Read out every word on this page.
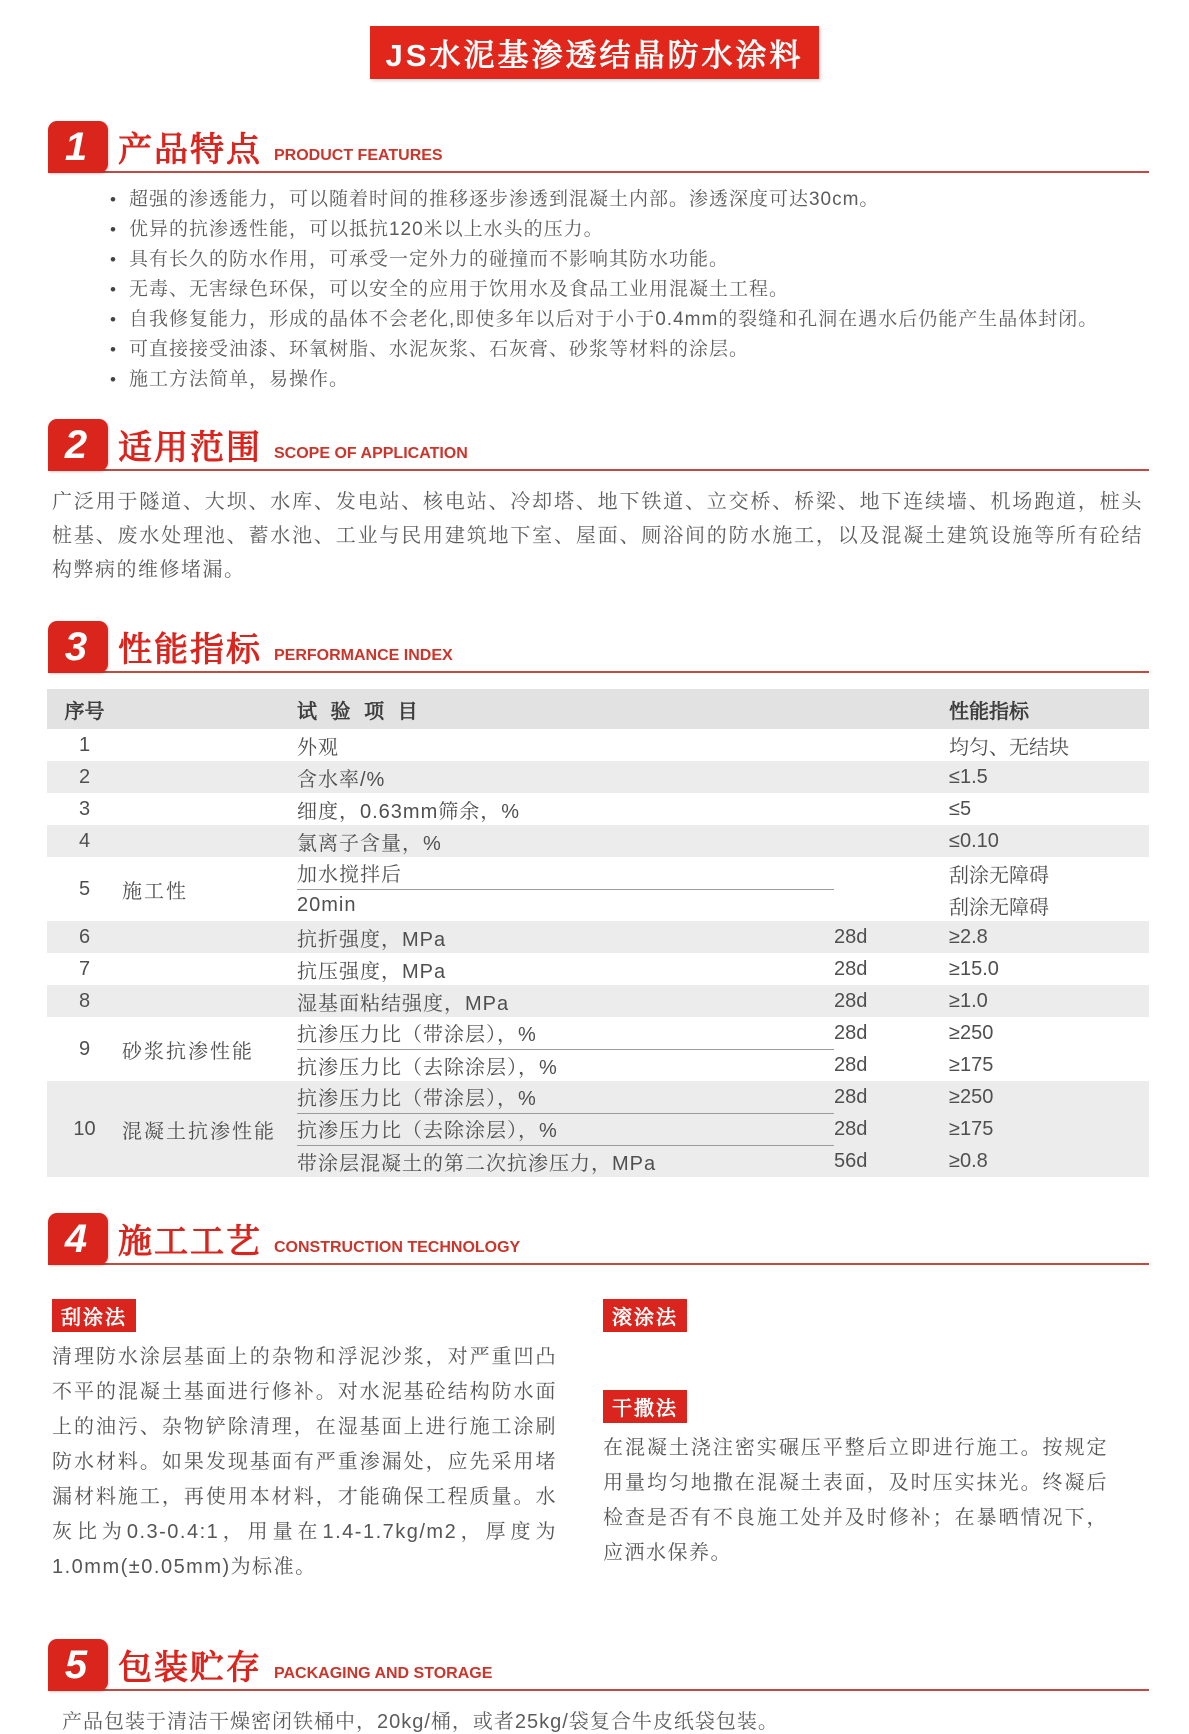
JS水泥基渗透结晶防水涂料
1 产品特点 PRODUCT FEATURES
• 超强的渗透能力，可以随着时间的推移逐步渗透到混凝土内部。渗透深度可达30cm。
• 优异的抗渗透性能，可以抵抗120米以上水头的压力。
• 具有长久的防水作用，可承受一定外力的碰撞而不影响其防水功能。
• 无毒、无害绿色环保，可以安全的应用于饮用水及食品工业用混凝土工程。
• 自我修复能力，形成的晶体不会老化,即使多年以后对于小于0.4mm的裂缝和孔洞在遇水后仍能产生晶体封闭。
• 可直接接受油漆、环氧树脂、水泥灰浆、石灰膏、砂浆等材料的涂层。
• 施工方法简单，易操作。
2 适用范围 SCOPE OF APPLICATION

广泛用于隧道、大坝、水库、发电站、核电站、冷却塔、地下铁道、立交桥、桥梁、地下连续墙、机场跑道，桩头桩基、废水处理池、蓄水池、工业与民用建筑地下室、屋面、厕浴间的防水施工，以及混凝土建筑设施等所有砼结构弊病的维修堵漏。

3 性能指标 PERFORMANCE INDEX
序号	试 验 项 目	性能指标
1	外观	均匀、无结块
2	含水率/%	≤1.5
3	细度，0.63mm筛余，%	≤5
4	氯离子含量，%	≤0.10
5	施工性
加水搅拌后	刮涂无障碍
20min	刮涂无障碍
6	抗折强度，MPa	28d	≥2.8
7	抗压强度，MPa	28d	≥15.0
8	湿基面粘结强度，MPa	28d	≥1.0
9	砂浆抗渗性能
抗渗压力比（带涂层），%	28d	≥250
抗渗压力比（去除涂层），%	28d	≥175
10	混凝土抗渗性能
抗渗压力比（带涂层），%	28d	≥250
抗渗压力比（去除涂层），%	28d	≥175
带涂层混凝土的第二次抗渗压力，MPa	56d	≥0.8
4 施工工艺 CONSTRUCTION TECHNOLOGY
刮涂法

清理防水涂层基面上的杂物和浮泥沙浆，对严重凹凸不平的混凝土基面进行修补。对水泥基砼结构防水面上的油污、杂物铲除清理，在湿基面上进行施工涂刷防水材料。如果发现基面有严重渗漏处，应先采用堵漏材料施工，再使用本材料，才能确保工程质量。水灰比为0.3-0.4:1，用量在1.4-1.7kg/m2，厚度为1.0mm(±0.05mm)为标准。

滚涂法
干撒法

在混凝土浇注密实碾压平整后立即进行施工。按规定用量均匀地撒在混凝土表面，及时压实抹光。终凝后检查是否有不良施工处并及时修补；在暴晒情况下，应洒水保养。

5 包装贮存 PACKAGING AND STORAGE

产品包装于清洁干燥密闭铁桶中，20kg/桶，或者25kg/袋复合牛皮纸袋包装。
